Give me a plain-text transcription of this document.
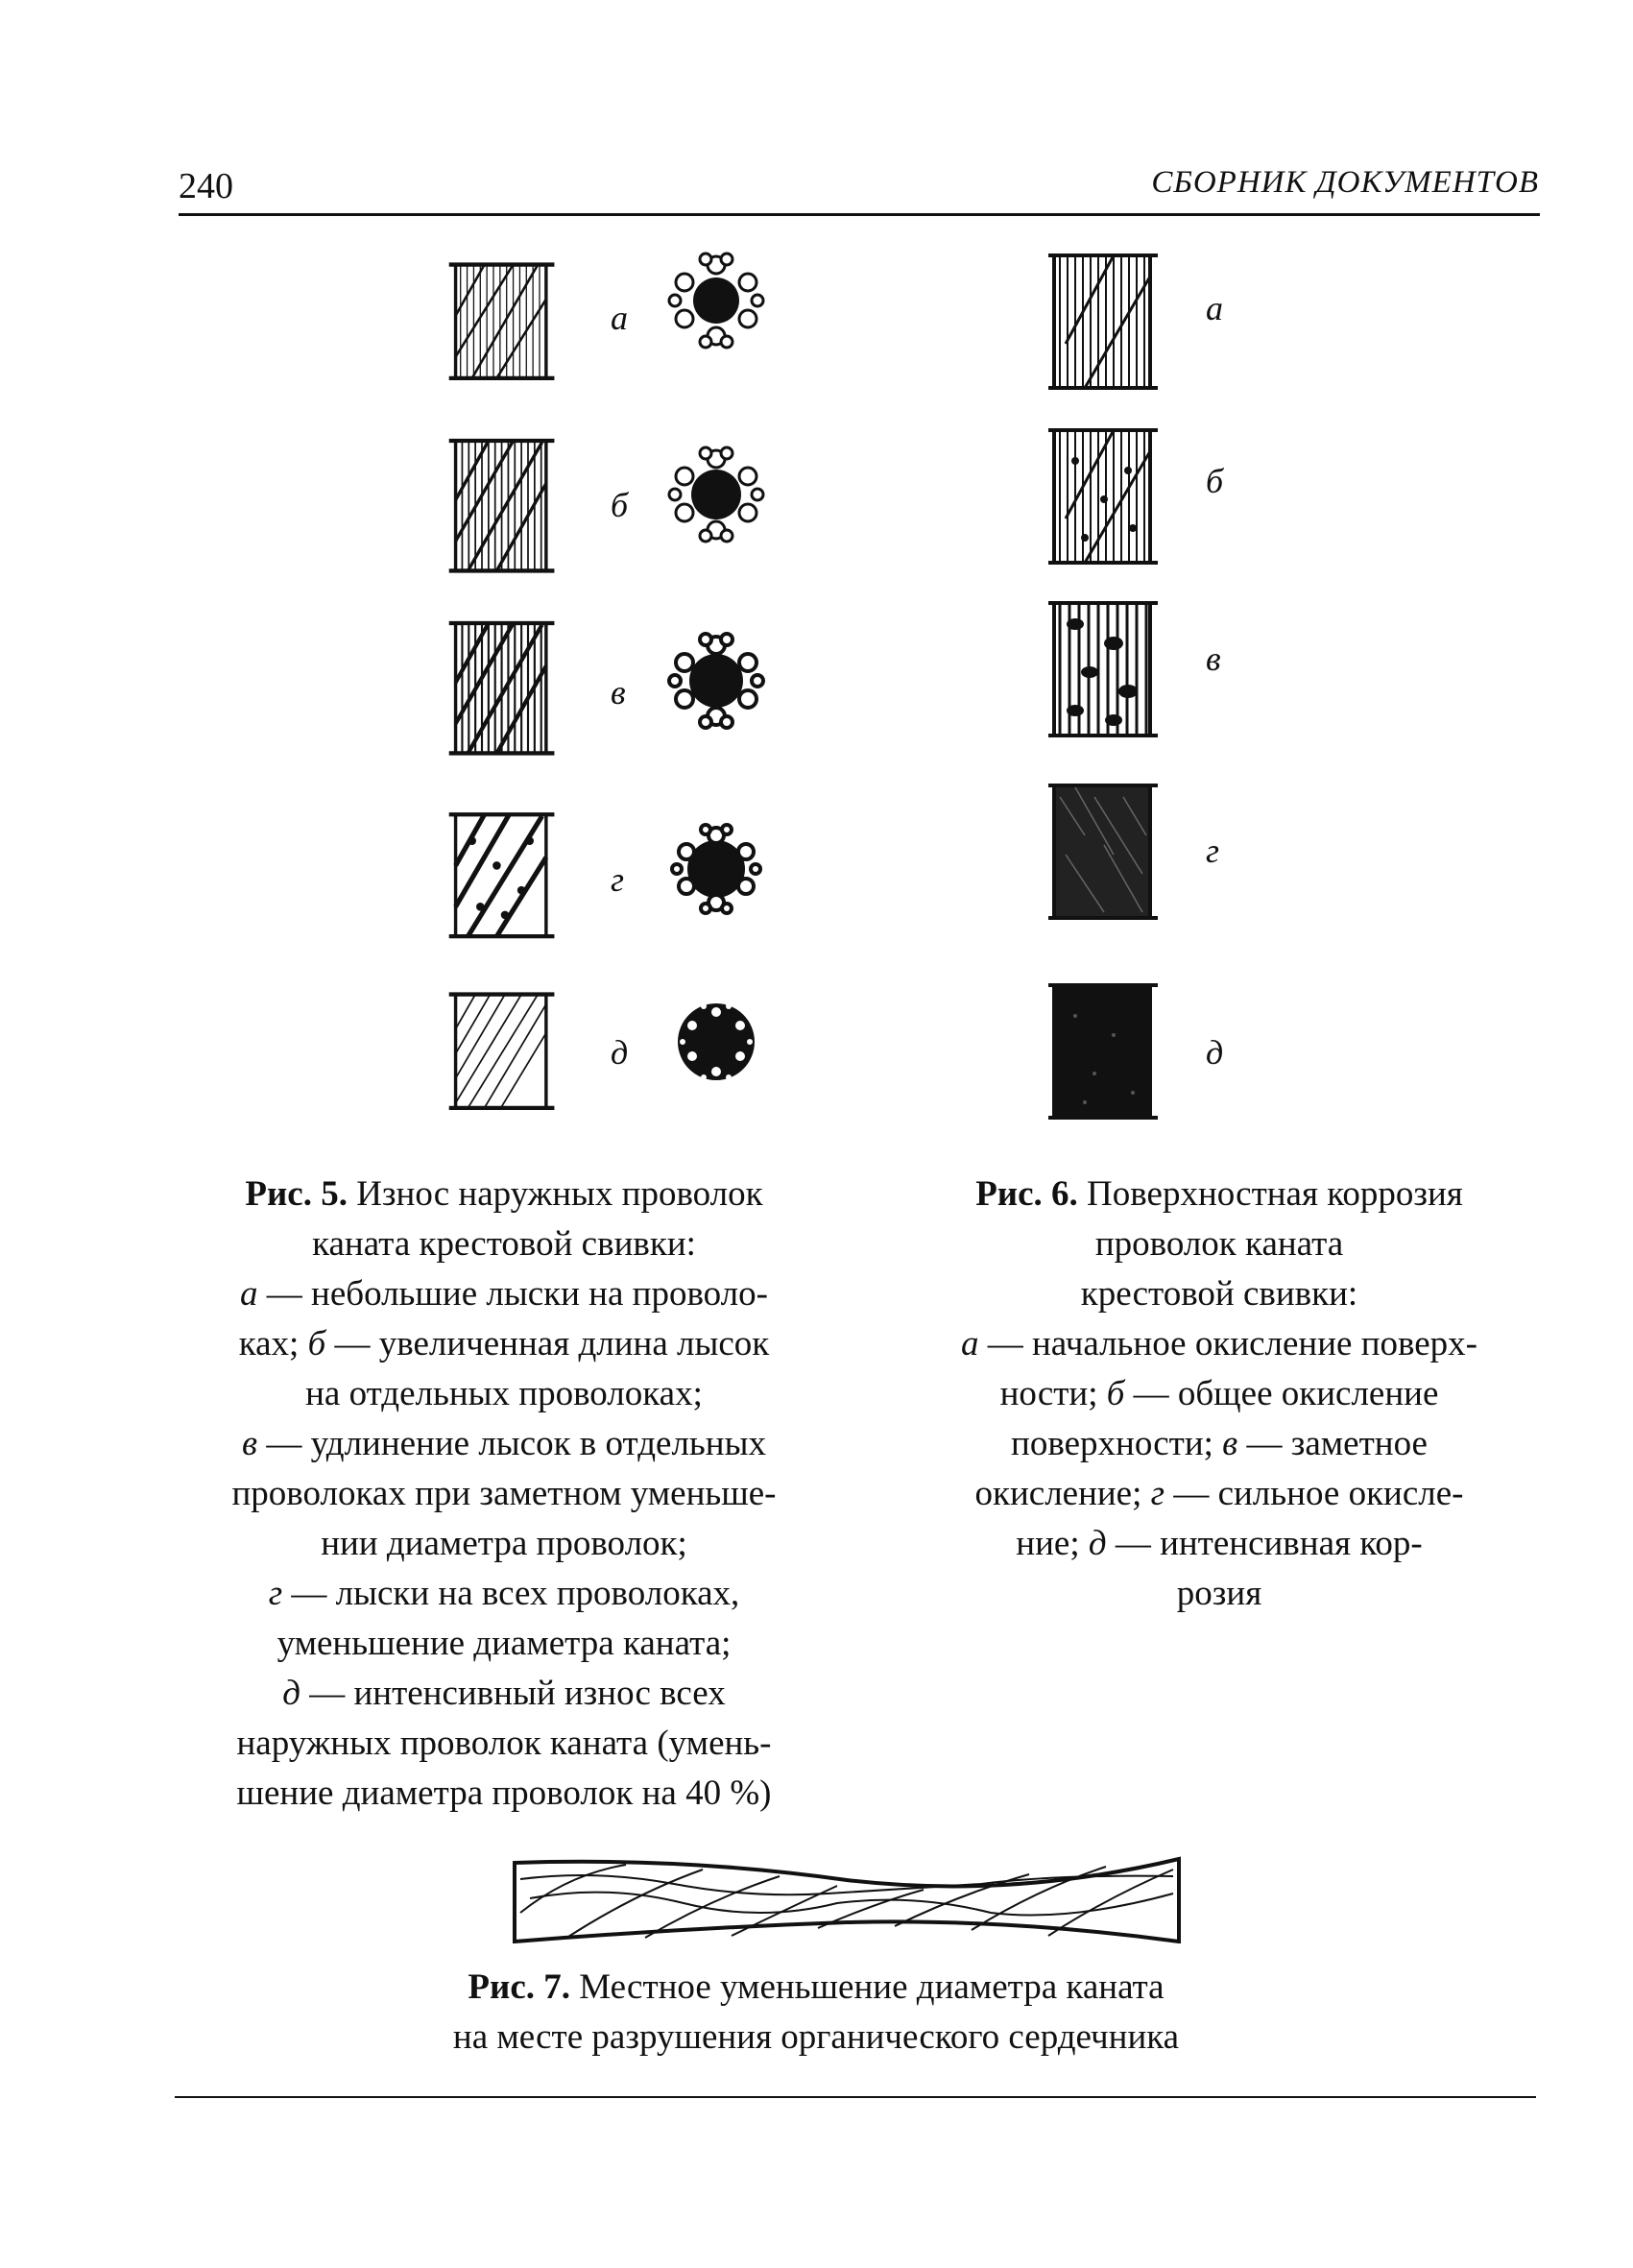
240	СБОРНИК ДОКУМЕНТОВ
а
б
в
г
д
а
б
в
г
д
Рис. 5. Износ наружных проволок
каната крестовой свивки:
а — небольшие лыски на проволо-
ках; б — увеличенная длина лысок
на отдельных проволоках;
в — удлинение лысок в отдельных
проволоках при заметном уменьше-
нии диаметра проволок;
г — лыски на всех проволоках,
уменьшение диаметра каната;
д — интенсивный износ всех
наружных проволок каната (умень-
шение диаметра проволок на 40 %)
Рис. 6. Поверхностная коррозия
проволок каната
крестовой свивки:
а — начальное окисление поверх-
ности; б — общее окисление
поверхности; в — заметное
окисление; г — сильное окисле-
ние; д — интенсивная кор-
розия
Рис. 7. Местное уменьшение диаметра каната
на месте разрушения органического сердечника
